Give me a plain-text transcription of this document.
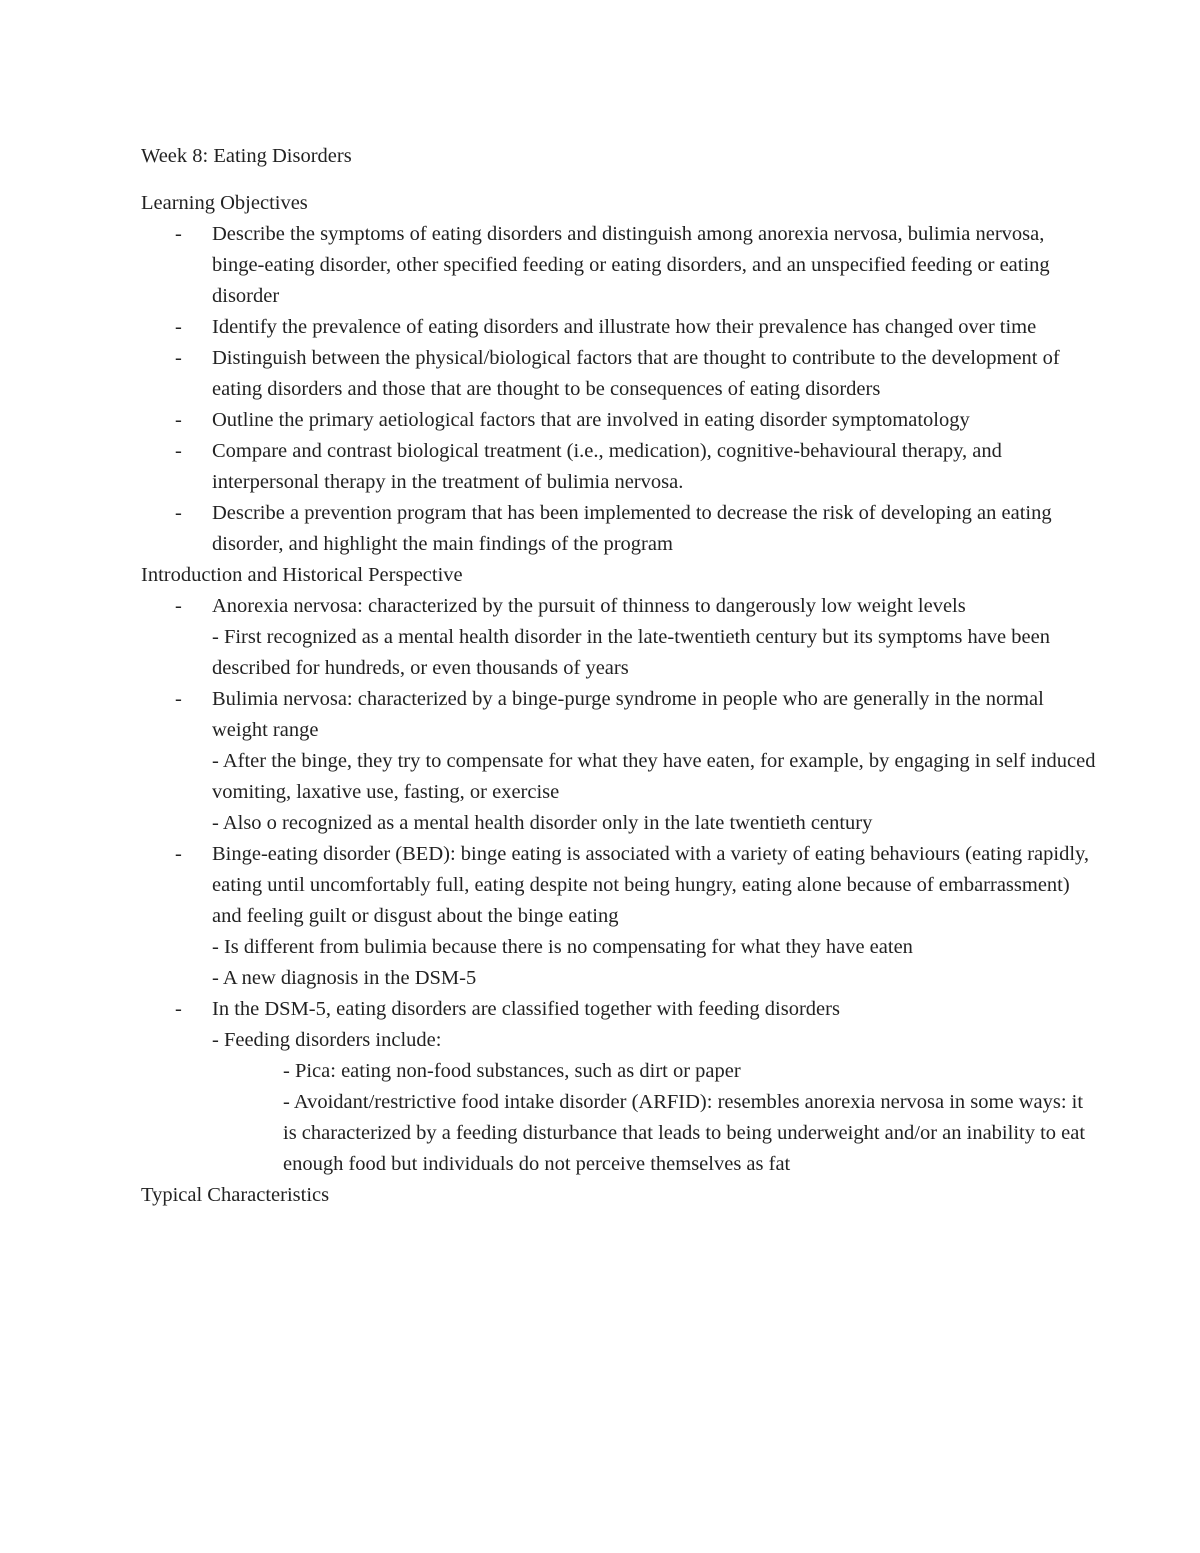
Week 8: Eating Disorders
Learning Objectives
- Describe the symptoms of eating disorders and distinguish among anorexia nervosa, bulimia nervosa, binge-eating disorder, other specified feeding or eating disorders, and an unspecified feeding or eating disorder
- Identify the prevalence of eating disorders and illustrate how their prevalence has changed over time
- Distinguish between the physical/biological factors that are thought to contribute to the development of eating disorders and those that are thought to be consequences of eating disorders
- Outline the primary aetiological factors that are involved in eating disorder symptomatology
- Compare and contrast biological treatment (i.e., medication), cognitive-behavioural therapy, and interpersonal therapy in the treatment of bulimia nervosa.
- Describe a prevention program that has been implemented to decrease the risk of developing an eating disorder, and highlight the main findings of the program
Introduction and Historical Perspective
- Anorexia nervosa: characterized by the pursuit of thinness to dangerously low weight levels
- First recognized as a mental health disorder in the late-twentieth century but its symptoms have been described for hundreds, or even thousands of years
- Bulimia nervosa: characterized by a binge-purge syndrome in people who are generally in the normal weight range
- After the binge, they try to compensate for what they have eaten, for example, by engaging in self induced vomiting, laxative use, fasting, or exercise
- Also o recognized as a mental health disorder only in the late twentieth century
- Binge-eating disorder (BED): binge eating is associated with a variety of eating behaviours (eating rapidly, eating until uncomfortably full, eating despite not being hungry, eating alone because of embarrassment) and feeling guilt or disgust about the binge eating
- Is different from bulimia because there is no compensating for what they have eaten
- A new diagnosis in the DSM-5
- In the DSM-5, eating disorders are classified together with feeding disorders
- Feeding disorders include:
- Pica: eating non-food substances, such as dirt or paper
- Avoidant/restrictive food intake disorder (ARFID): resembles anorexia nervosa in some ways: it is characterized by a feeding disturbance that leads to being underweight and/or an inability to eat enough food but individuals do not perceive themselves as fat
Typical Characteristics
